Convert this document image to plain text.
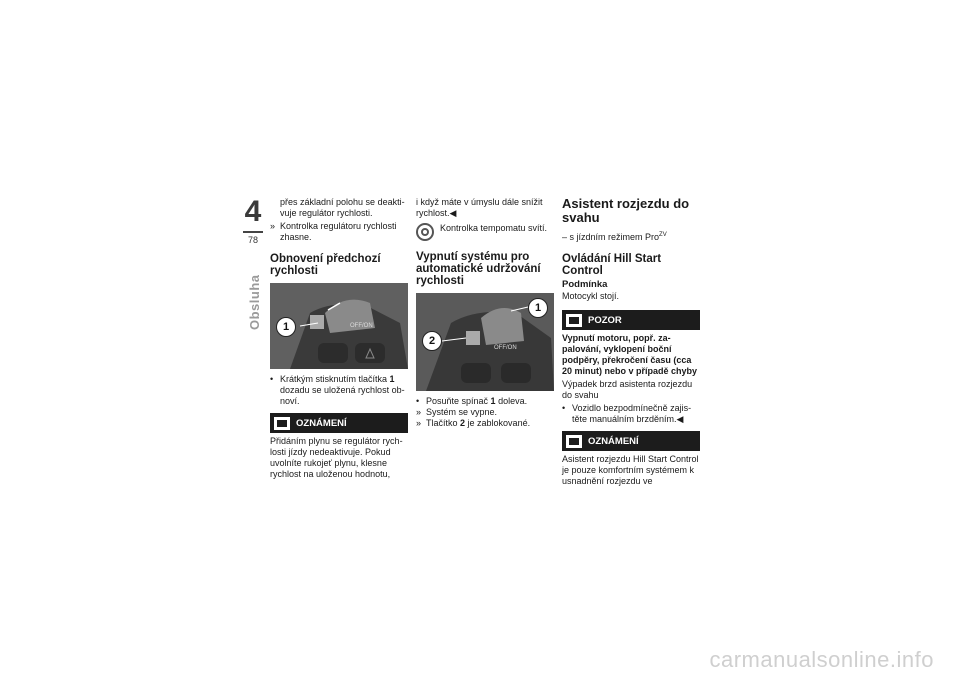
4
78
Obsluha

přes základní polohu se deaktivuje regulátor rychlosti.

» Kontrolka regulátoru rychlosti zhasne.

Obnovení předchozí rychlosti
OFF/ON
1

• Krátkým stisknutím tlačítka 1 dozadu se uložená rychlost obnoví.

OZNÁMENÍ

Přidáním plynu se regulátor rychlosti jízdy nedeaktivuje. Pokud uvolníte rukojeť plynu, klesne rychlost na uloženou hodnotu,

i když máte v úmyslu dále snížit rychlost.◀

Kontrolka tempomatu svítí.
Vypnutí systému pro automatické udržování rychlosti
OFF/ON
1
2

• Posuňte spínač 1 doleva.

» Systém se vypne.

» Tlačítko 2 je zablokované.

Asistent rozjezdu do svahu

– s jízdním režimem Pro$^{ZV}$

Ovládání Hill Start Control
Podmínka

Motocykl stojí.

POZOR

Vypnutí motoru, popř. zapalování, vyklopení boční podpěry, překročení času (cca 20 minut) nebo v případě chyby

Výpadek brzd asistenta rozjezdu do svahu

• Vozidlo bezpodmínečně zajistěte manuálním brzděním.◀

OZNÁMENÍ

Asistent rozjezdu Hill Start Control je pouze komfortním systémem k usnadnění rozjezdu ve

carmanualsonline.info
